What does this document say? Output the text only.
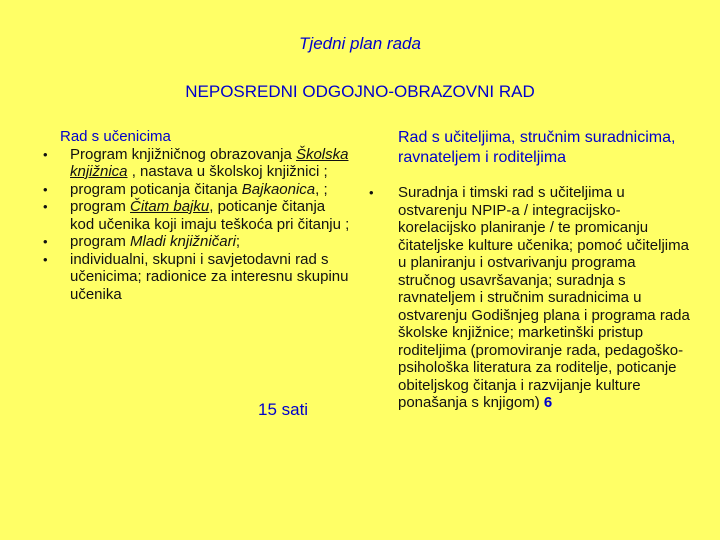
Tjedni plan rada
NEPOSREDNI ODGOJNO-OBRAZOVNI RAD
Rad s učenicima
• Program knjižničnog obrazovanja Školska knjižnica , nastava u školskoj knjižnici ;
• program poticanja čitanja Bajkaonica, ;
• program Čitam bajku, poticanje čitanja kod učenika koji imaju teškoća pri čitanju ;
• program Mladi knjižničari;
• individualni, skupni i savjetodavni rad s učenicima; radionice za interesnu skupinu učenika
15 sati
Rad s učiteljima, stručnim suradnicima, ravnateljem i roditeljima
• Suradnja i timski rad s učiteljima u ostvarenju NPIP-a / integracijsko-korelacijsko planiranje / te promicanju čitateljske kulture učenika; pomoć učiteljima u planiranju i ostvarivanju programa stručnog usavršavanja; suradnja s ravnateljem i stručnim suradnicima u ostvarenju Godišnjeg plana i programa rada školske knjižnice; marketinški pristup roditeljima (promoviranje rada, pedagoško-psihološka literatura za roditelje, poticanje obiteljskog čitanja i razvijanje kulture ponašanja s knjigom) 6
